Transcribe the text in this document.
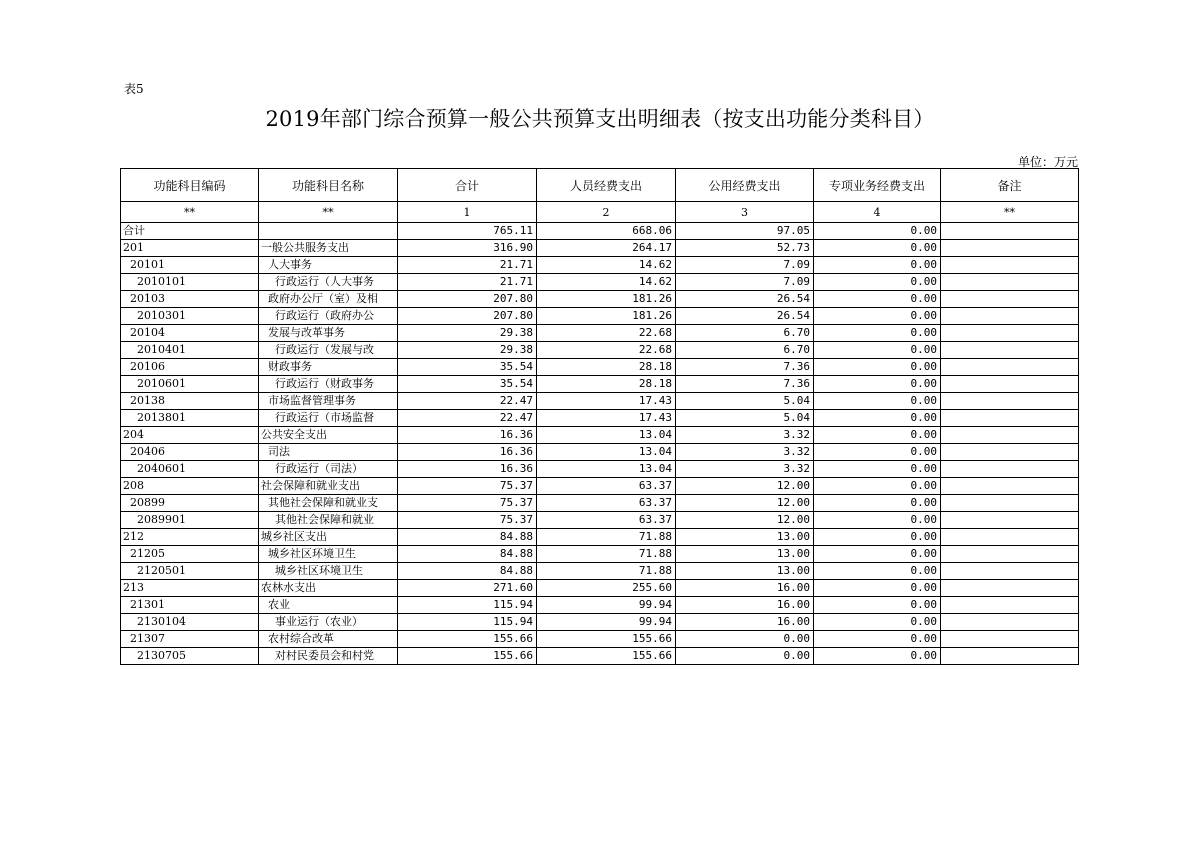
表5
2019年部门综合预算一般公共预算支出明细表（按支出功能分类科目）
单位：万元
功能科目编码	功能科目名称	合计	人员经费支出	公用经费支出	专项业务经费支出	备注
**	**	1	2	3	4	**
合计		765.11	668.06	97.05	0.00	
201	一般公共服务支出	316.90	264.17	52.73	0.00	
20101	人大事务	21.71	14.62	7.09	0.00	
2010101	行政运行（人大事务	21.71	14.62	7.09	0.00	
20103	政府办公厅（室）及相	207.80	181.26	26.54	0.00	
2010301	行政运行（政府办公	207.80	181.26	26.54	0.00	
20104	发展与改革事务	29.38	22.68	6.70	0.00	
2010401	行政运行（发展与改	29.38	22.68	6.70	0.00	
20106	财政事务	35.54	28.18	7.36	0.00	
2010601	行政运行（财政事务	35.54	28.18	7.36	0.00	
20138	市场监督管理事务	22.47	17.43	5.04	0.00	
2013801	行政运行（市场监督	22.47	17.43	5.04	0.00	
204	公共安全支出	16.36	13.04	3.32	0.00	
20406	司法	16.36	13.04	3.32	0.00	
2040601	行政运行（司法）	16.36	13.04	3.32	0.00	
208	社会保障和就业支出	75.37	63.37	12.00	0.00	
20899	其他社会保障和就业支	75.37	63.37	12.00	0.00	
2089901	其他社会保障和就业	75.37	63.37	12.00	0.00	
212	城乡社区支出	84.88	71.88	13.00	0.00	
21205	城乡社区环境卫生	84.88	71.88	13.00	0.00	
2120501	城乡社区环境卫生	84.88	71.88	13.00	0.00	
213	农林水支出	271.60	255.60	16.00	0.00	
21301	农业	115.94	99.94	16.00	0.00	
2130104	事业运行（农业）	115.94	99.94	16.00	0.00	
21307	农村综合改革	155.66	155.66	0.00	0.00	
2130705	对村民委员会和村党	155.66	155.66	0.00	0.00	
